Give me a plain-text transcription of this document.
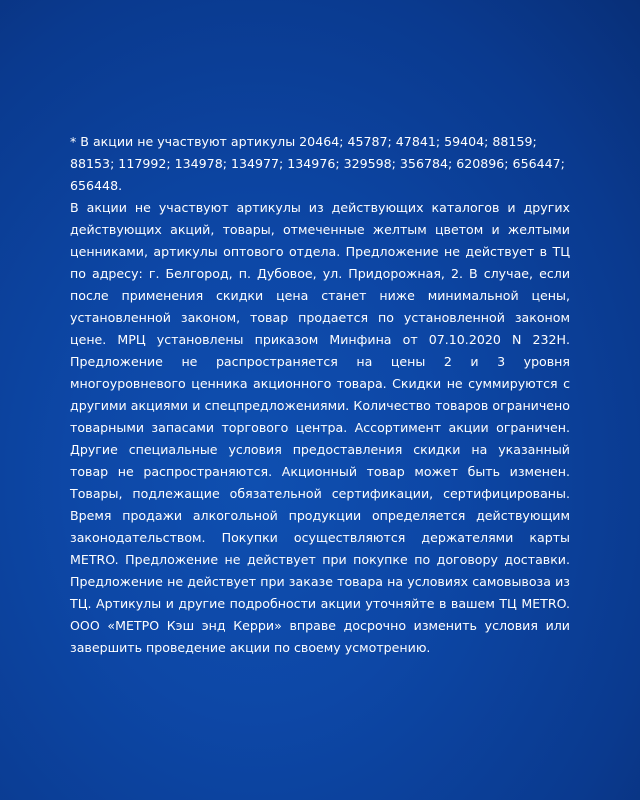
* В акции не участвуют артикулы 20464; 45787; 47841; 59404; 88159; 88153; 117992; 134978; 134977; 134976; 329598; 356784; 620896; 656447; 656448.

В акции не участвуют артикулы из действующих каталогов и других действующих акций, товары, отмеченные желтым цветом и желтыми ценниками, артикулы оптового отдела. Предложение не действует в ТЦ по адресу: г. Белгород, п. Дубовое, ул. Придорожная, 2. В случае, если после применения скидки цена станет ниже минимальной цены, установленной законом, товар продается по установленной законом цене. МРЦ установлены приказом Минфина от 07.10.2020 N 232Н. Предложение не распространяется на цены 2 и 3 уровня многоуровневого ценника акционного товара. Скидки не суммируются с другими акциями и спецпредложениями. Количество товаров ограничено товарными запасами торгового центра. Ассортимент акции ограничен. Другие специальные условия предоставления скидки на указанный товар не распространяются. Акционный товар может быть изменен. Товары, подлежащие обязательной сертификации, сертифицированы. Время продажи алкогольной продукции определяется действующим законодательством. Покупки осуществляются держателями карты METRO. Предложение не действует при покупке по договору доставки. Предложение не действует при заказе товара на условиях самовывоза из ТЦ. Артикулы и другие подробности акции уточняйте в вашем ТЦ METRO. ООО «МЕТРО Кэш энд Керри» вправе досрочно изменить условия или завершить проведение акции по своему усмотрению.
